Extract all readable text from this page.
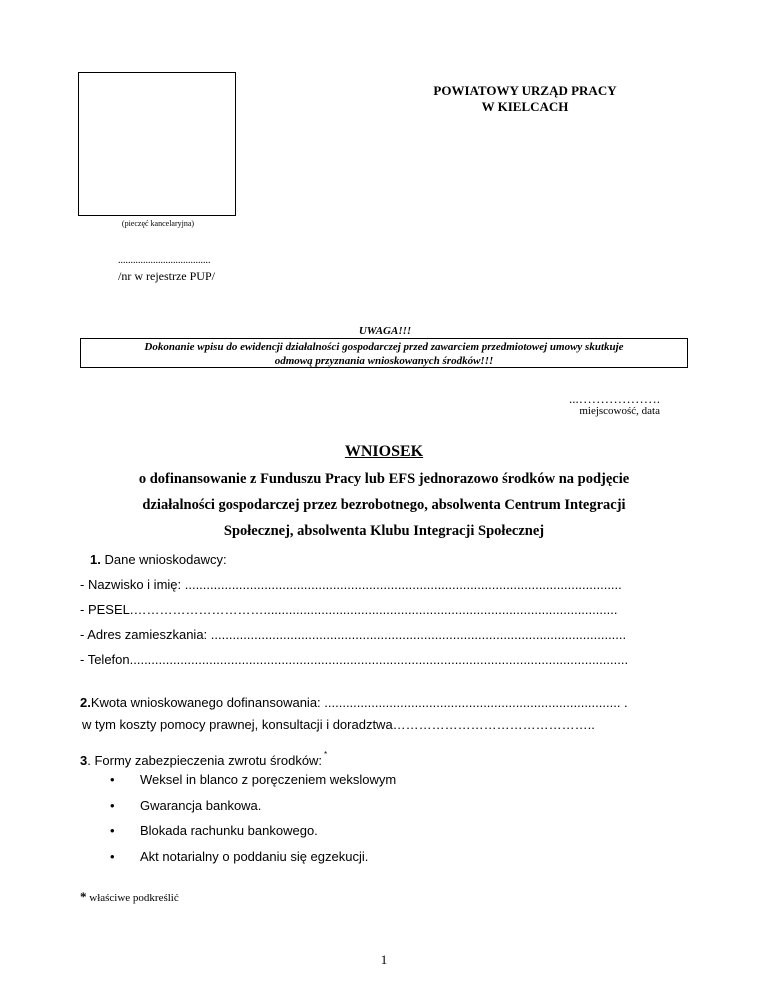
(pieczęć kancelaryjna)
.....................................
/nr w rejestrze PUP/
POWIATOWY URZĄD PRACY
W KIELCACH
UWAGA!!!
Dokonanie wpisu do ewidencji działalności gospodarczej przed zawarciem przedmiotowej umowy skutkuje
odmową przyznania wnioskowanych środków!!!
...……………….
miejscowość, data
WNIOSEK
o dofinansowanie z Funduszu Pracy lub EFS jednorazowo środków na podjęcie
działalności gospodarczej przez bezrobotnego, absolwenta Centrum Integracji
Społecznej, absolwenta Klubu Integracji Społecznej
1. Dane wnioskodawcy:
- Nazwisko i imię: .........................................................................................................................
- PESEL.…………………………..................................................................................................
- Adres zamieszkania: ...................................................................................................................
- Telefon..........................................................................................................................................
2.Kwota wnioskowanego dofinansowania: .................................................................................. .
w tym koszty pomocy prawnej, konsultacji i doradztwa………………………………………..
3. Formy zabezpieczenia zwrotu środków: *
• Weksel in blanco z poręczeniem wekslowym
• Gwarancja bankowa.
• Blokada rachunku bankowego.
• Akt notarialny o poddaniu się egzekucji.
* właściwe podkreślić
1
